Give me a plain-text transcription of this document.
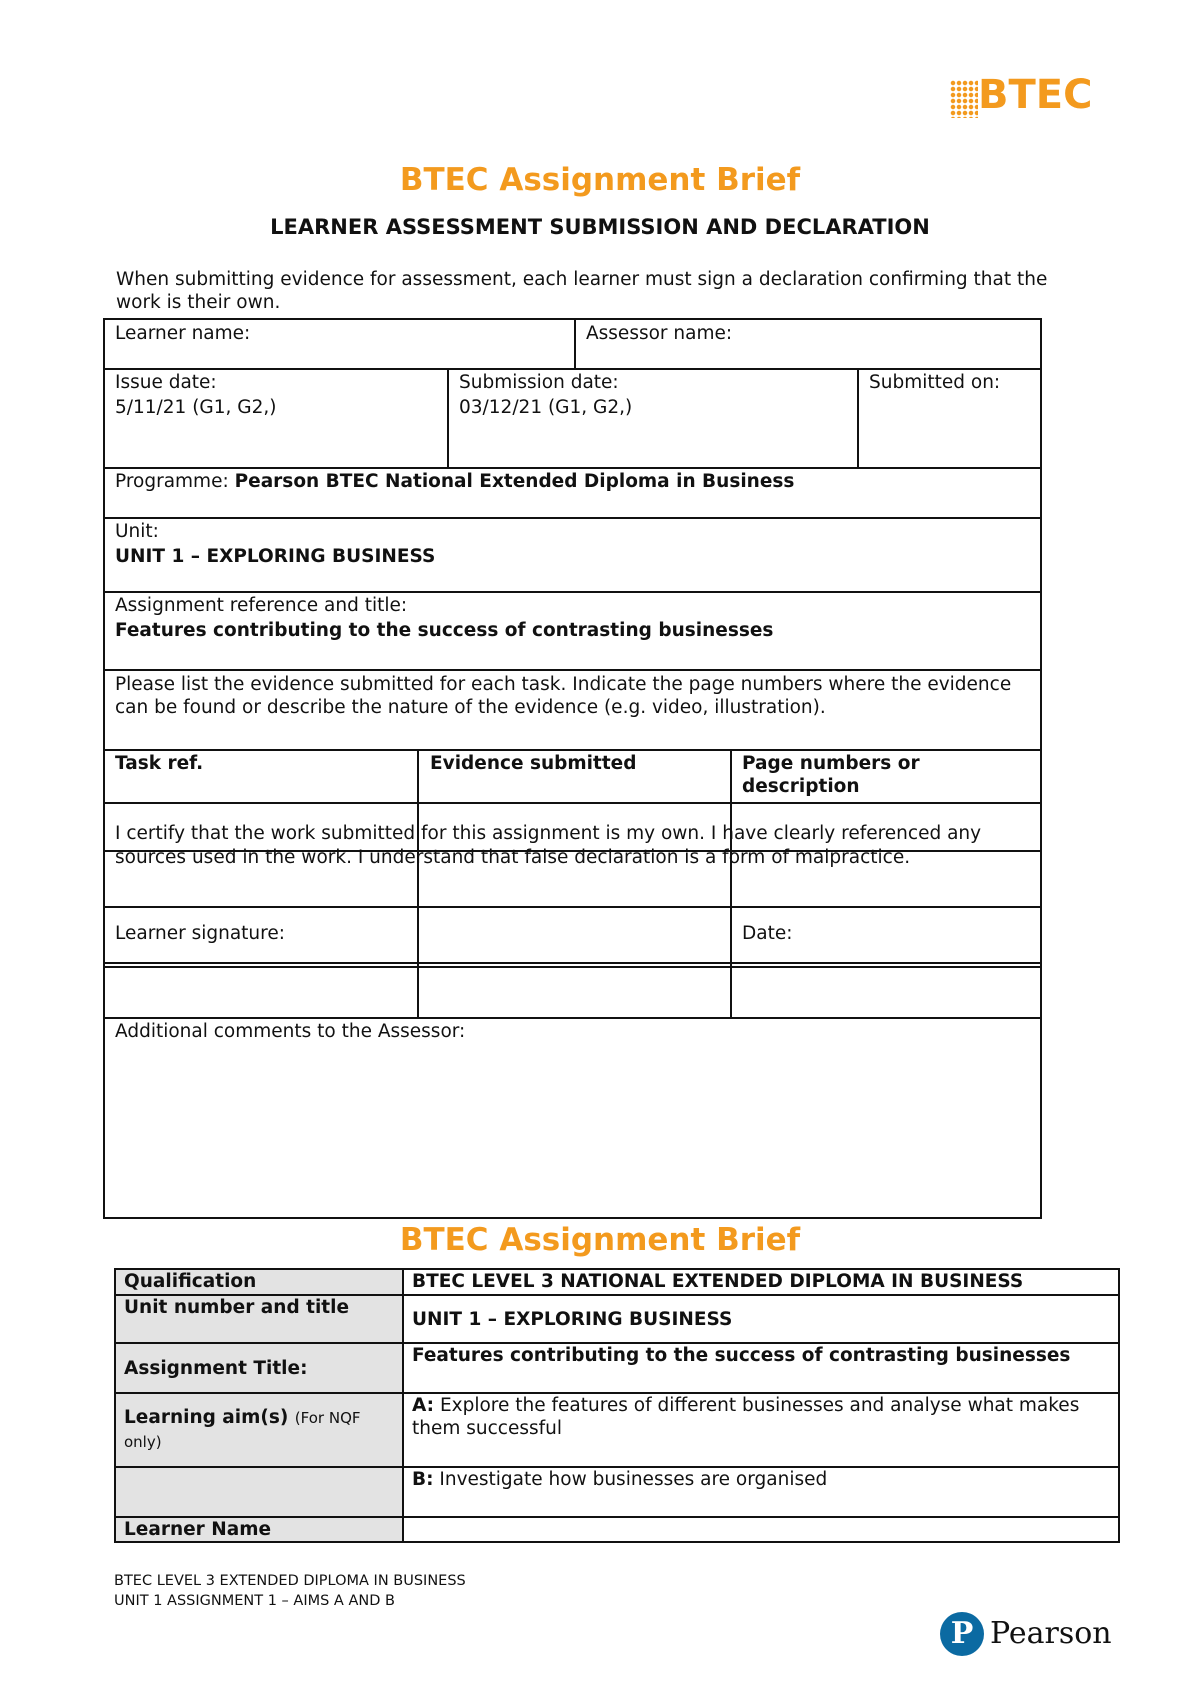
BTEC
BTEC Assignment Brief
LEARNER ASSESSMENT SUBMISSION AND DECLARATION
When submitting evidence for assessment, each learner must sign a declaration confirming that the work is their own.
Learner name:	Assessor name:
Issue date:
5/11/21 (G1, G2,)
Submission date:
03/12/21 (G1, G2,)
Submitted on:
Programme: Pearson BTEC National Extended Diploma in Business
Unit:
UNIT 1 – EXPLORING BUSINESS
Assignment reference and title:
Features contributing to the success of contrasting businesses
Please list the evidence submitted for each task. Indicate the page numbers where the evidence can be found or describe the nature of the evidence (e.g. video, illustration).
Task ref.	Evidence submitted	Page numbers or description
I certify that the work submitted for this assignment is my own. I have clearly referenced any sources used in the work. I understand that false declaration is a form of malpractice.
Learner signature:	Date:
Additional comments to the Assessor:
BTEC Assignment Brief
Qualification	BTEC LEVEL 3 NATIONAL EXTENDED DIPLOMA IN BUSINESS
Unit number and title	UNIT 1 – EXPLORING BUSINESS
Assignment Title:	Features contributing to the success of contrasting businesses
Learning aim(s) (For NQF only)	A: Explore the features of different businesses and analyse what makes them successful
	B: Investigate how businesses are organised
Learner Name	
BTEC LEVEL 3 EXTENDED DIPLOMA IN BUSINESS
UNIT 1 ASSIGNMENT 1 – AIMS A AND B
P Pearson
